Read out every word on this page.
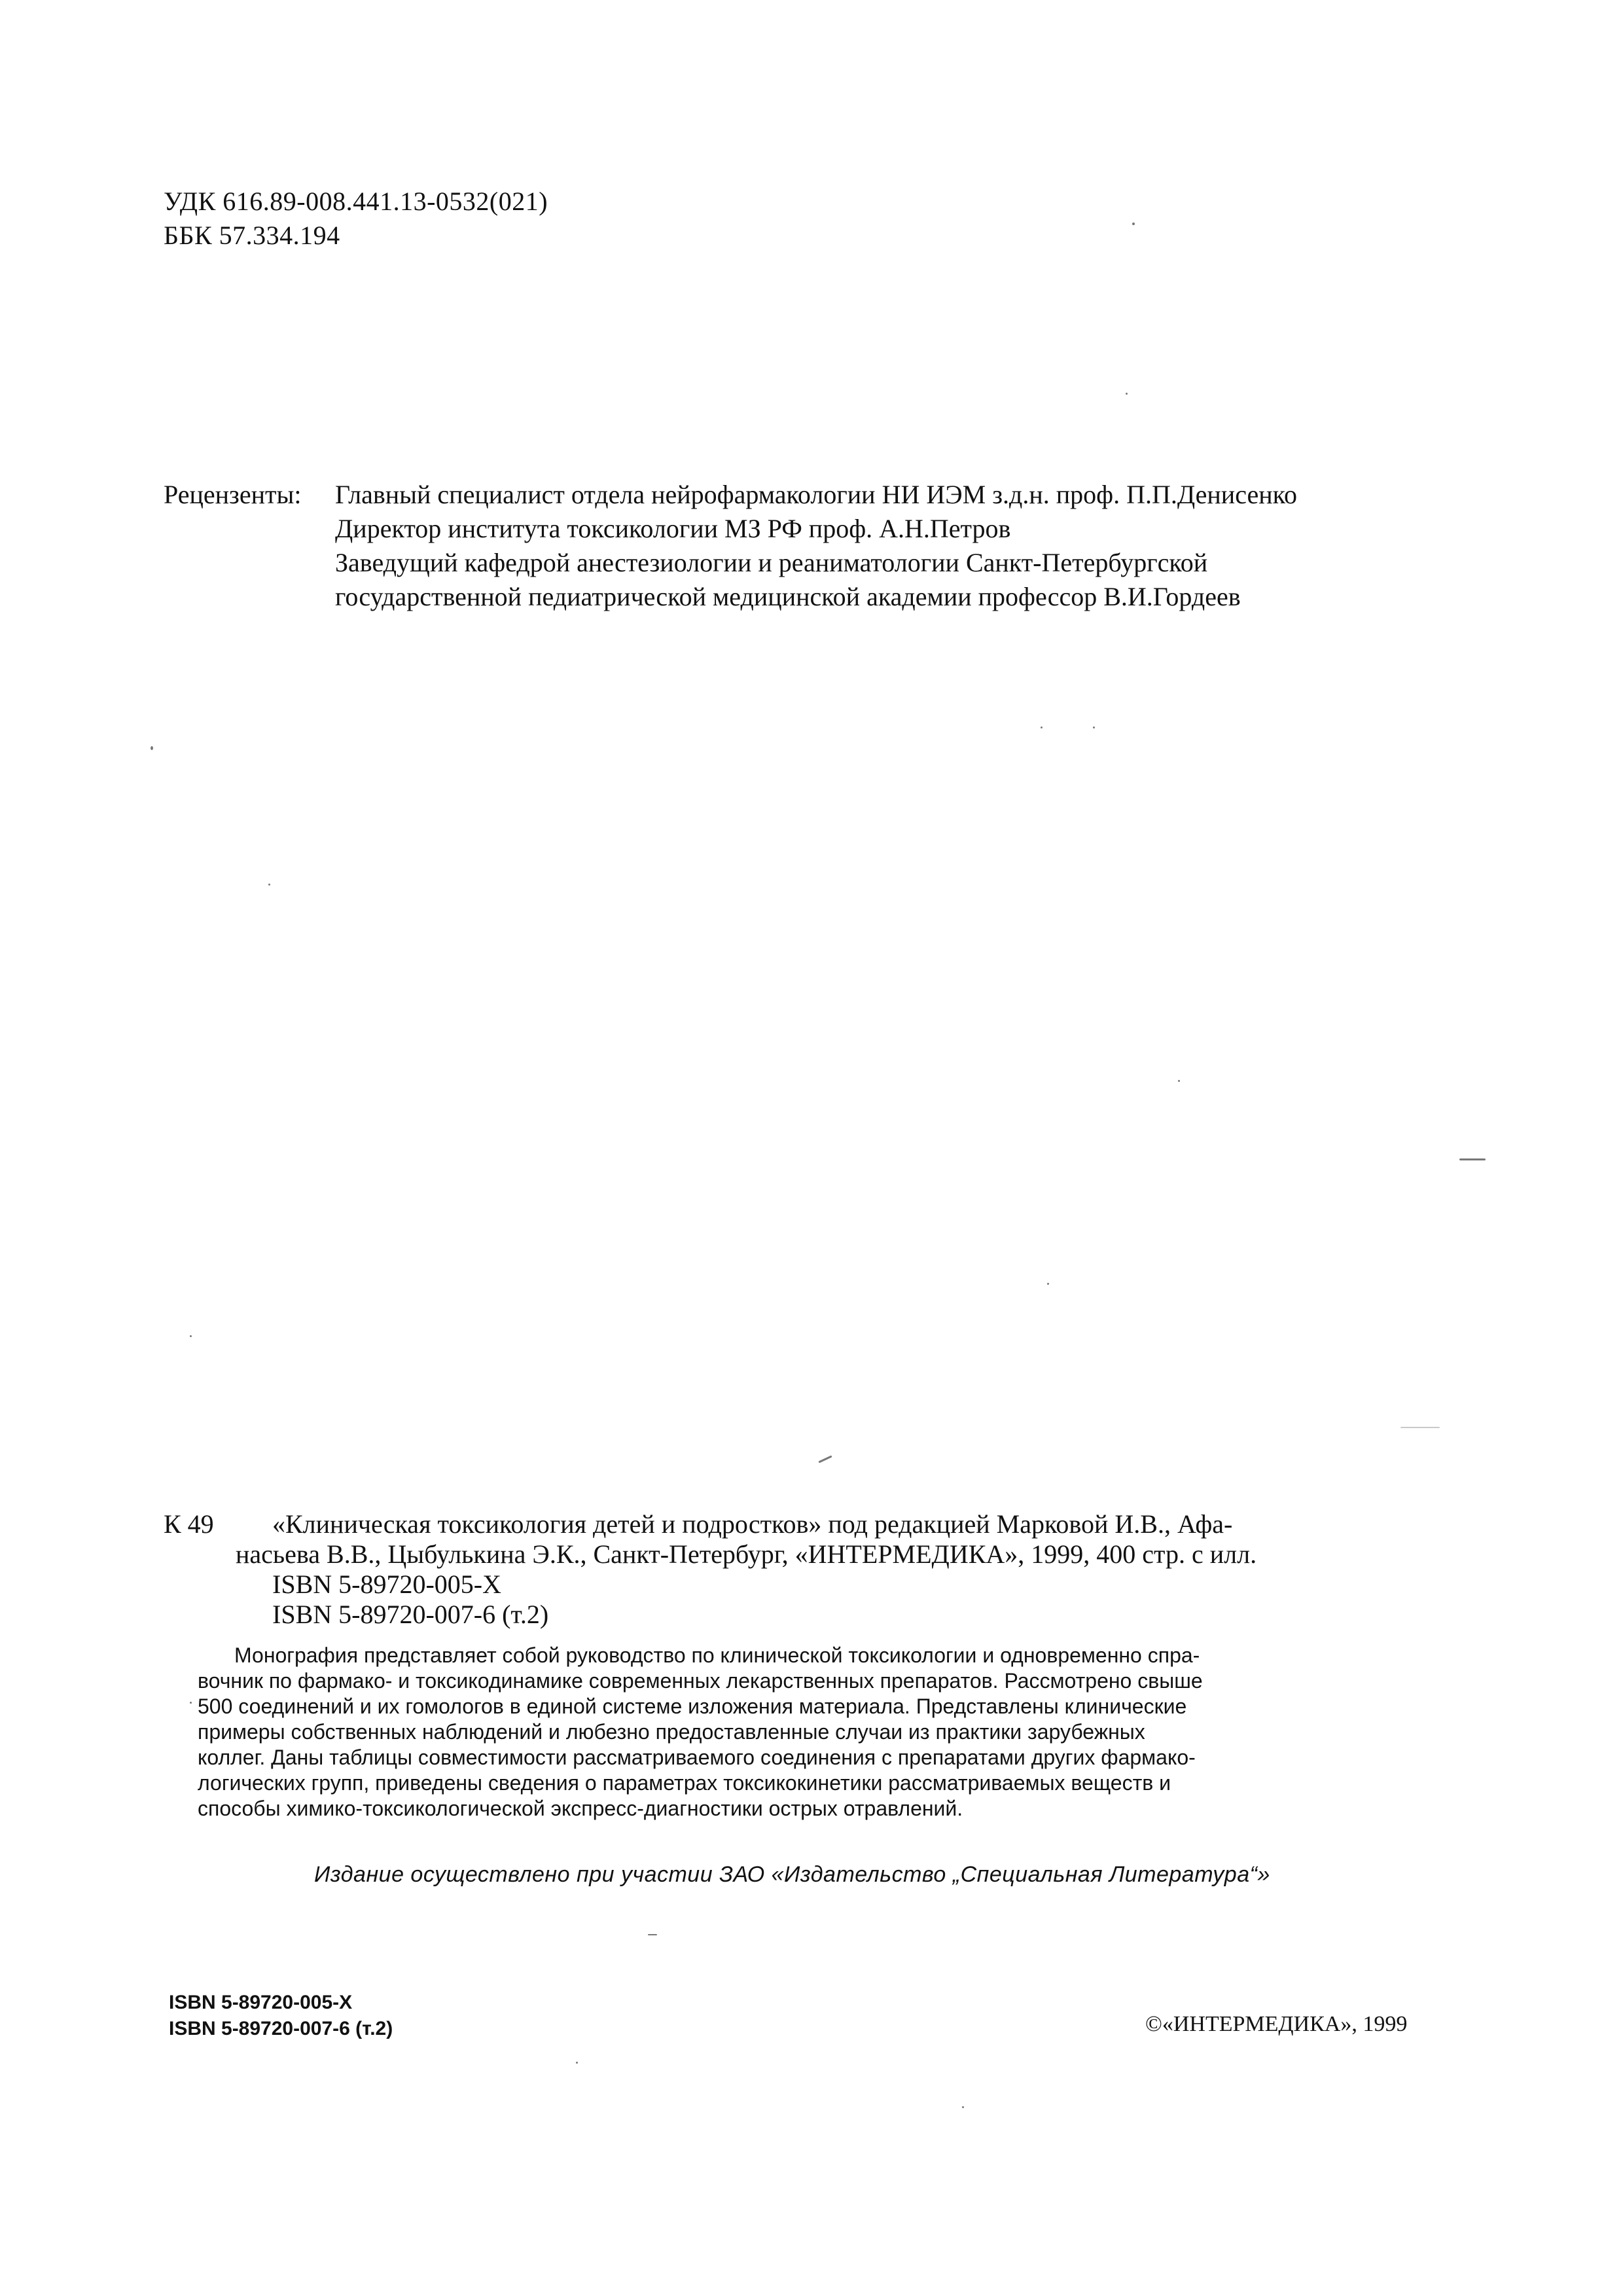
УДК 616.89-008.441.13-0532(021)
ББК 57.334.194
Рецензенты: Главный специалист отдела нейрофармакологии НИ ИЭМ з.д.н. проф. П.П.Денисенко
Директор института токсикологии МЗ РФ проф. А.Н.Петров
Заведущий кафедрой анестезиологии и реаниматологии Санкт-Петербургской
государственной педиатрической медицинской академии профессор В.И.Гордеев
К 49	«Клиническая токсикология детей и подростков» под редакцией Марковой И.В., Афа-
насьева В.В., Цыбулькина Э.К., Санкт-Петербург, «ИНТЕРМЕДИКА», 1999, 400 стр. с илл.
ISBN 5-89720-005-X
ISBN 5-89720-007-6 (т.2)
Монография представляет собой руководство по клинической токсикологии и одновременно спра-
вочник по фармако- и токсикодинамике современных лекарственных препаратов. Рассмотрено свыше
500 соединений и их гомологов в единой системе изложения материала. Представлены клинические
примеры собственных наблюдений и любезно предоставленные случаи из практики зарубежных
коллег. Даны таблицы совместимости рассматриваемого соединения с препаратами других фармако-
логических групп, приведены сведения о параметрах токсикокинетики рассматриваемых веществ и
способы химико-токсикологической экспресс-диагностики острых отравлений.
Издание осуществлено при участии ЗАО «Издательство „Специальная Литература“»
ISBN 5-89720-005-X
ISBN 5-89720-007-6 (т.2)	©«ИНТЕРМЕДИКА», 1999
